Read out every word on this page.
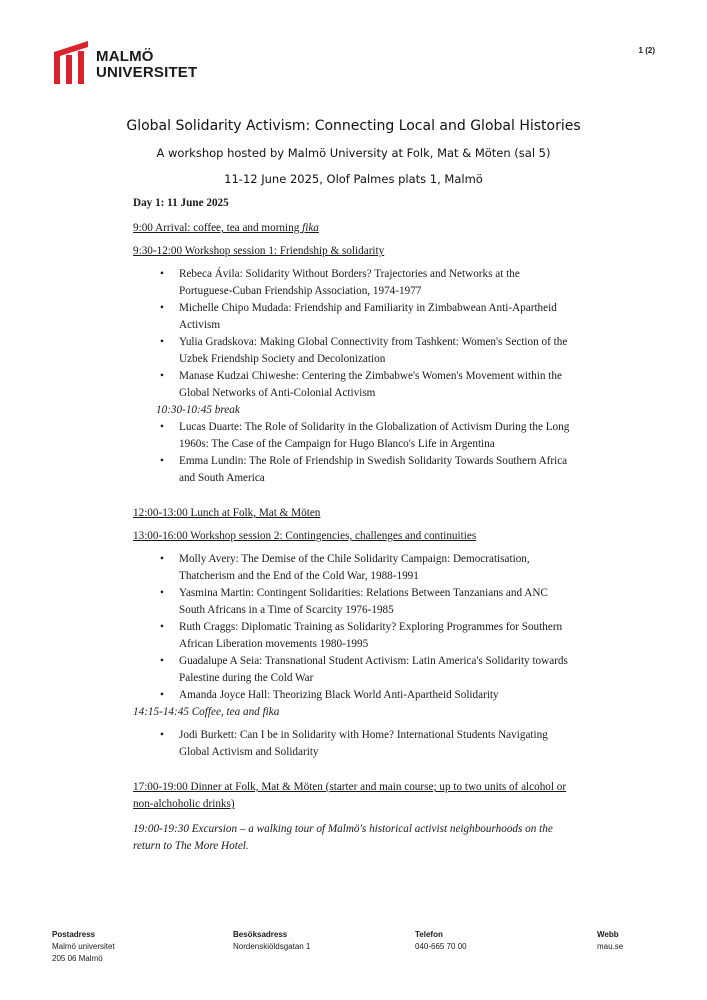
MALMÖ
UNIVERSITET
1 (2)
Global Solidarity Activism: Connecting Local and Global Histories
A workshop hosted by Malmö University at Folk, Mat & Möten (sal 5)
11-12 June 2025, Olof Palmes plats 1, Malmö
Day 1: 11 June 2025
9:00 Arrival: coffee, tea and morning fika
9:30-12:00 Workshop session 1: Friendship & solidarity
• Rebeca Ávila: Solidarity Without Borders? Trajectories and Networks at the Portuguese-Cuban Friendship Association, 1974-1977
• Michelle Chipo Mudada: Friendship and Familiarity in Zimbabwean Anti-Apartheid Activism
• Yulia Gradskova: Making Global Connectivity from Tashkent: Women's Section of the Uzbek Friendship Society and Decolonization
• Manase Kudzai Chiweshe: Centering the Zimbabwe's Women's Movement within the Global Networks of Anti-Colonial Activism
10:30-10:45 break
• Lucas Duarte: The Role of Solidarity in the Globalization of Activism During the Long 1960s: The Case of the Campaign for Hugo Blanco's Life in Argentina
• Emma Lundin: The Role of Friendship in Swedish Solidarity Towards Southern Africa and South America
12:00-13:00 Lunch at Folk, Mat & Möten
13:00-16:00 Workshop session 2: Contingencies, challenges and continuities
• Molly Avery: The Demise of the Chile Solidarity Campaign: Democratisation, Thatcherism and the End of the Cold War, 1988-1991
• Yasmina Martin: Contingent Solidarities: Relations Between Tanzanians and ANC South Africans in a Time of Scarcity 1976-1985
• Ruth Craggs: Diplomatic Training as Solidarity? Exploring Programmes for Southern African Liberation movements 1980-1995
• Guadalupe A Seia: Transnational Student Activism: Latin America's Solidarity towards Palestine during the Cold War
• Amanda Joyce Hall: Theorizing Black World Anti-Apartheid Solidarity
14:15-14:45 Coffee, tea and fika
• Jodi Burkett: Can I be in Solidarity with Home? International Students Navigating Global Activism and Solidarity
17:00-19:00 Dinner at Folk, Mat & Möten (starter and main course; up to two units of alcohol or non-alchoholic drinks)
19:00-19:30 Excursion – a walking tour of Malmö's historical activist neighbourhoods on the return to The More Hotel.
Postadress
Malmö universitet
205 06 Malmö
Besöksadress
Nordenskiöldsgatan 1
Telefon
040-665 70 00
Webb
mau.se
